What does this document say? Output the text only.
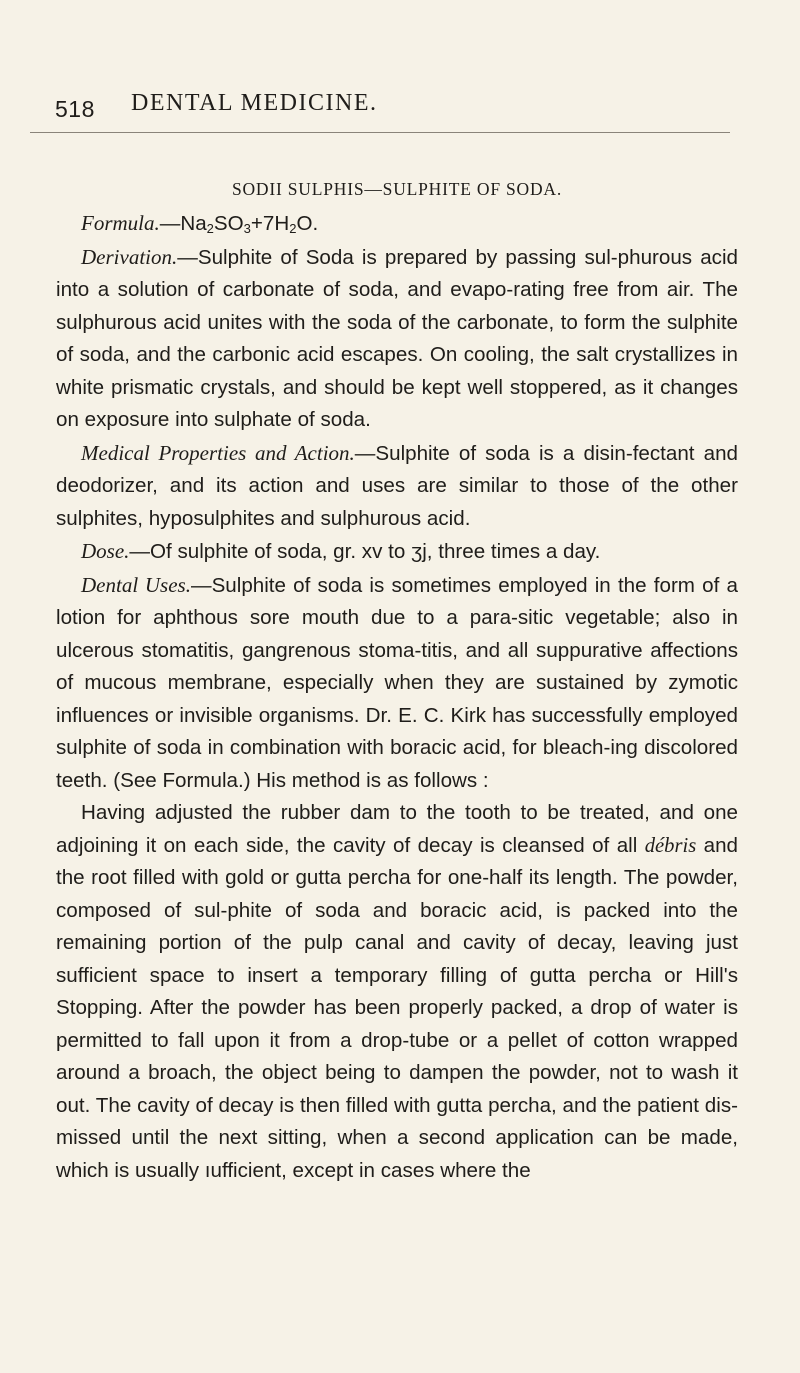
518 DENTAL MEDICINE.

SODII SULPHIS—SULPHITE OF SODA.

$Formula.—Na_2SO_3+7H_2O$.

Derivation.—Sulphite of Soda is prepared by passing sul-phurous acid into a solution of carbonate of soda, and evapo-rating free from air. The sulphurous acid unites with the soda of the carbonate, to form the sulphite of soda, and the carbonic acid escapes. On cooling, the salt crystallizes in white prismatic crystals, and should be kept well stoppered, as it changes on exposure into sulphate of soda.

Medical Properties and Action.—Sulphite of soda is a disin-fectant and deodorizer, and its action and uses are similar to those of the other sulphites, hyposulphites and sulphurous acid.

Dose.—Of sulphite of soda, gr. xv to ʒj, three times a day.

Dental Uses.—Sulphite of soda is sometimes employed in the form of a lotion for aphthous sore mouth due to a para-sitic vegetable; also in ulcerous stomatitis, gangrenous stoma-titis, and all suppurative affections of mucous membrane, especially when they are sustained by zymotic influences or invisible organisms. Dr. E. C. Kirk has successfully employed sulphite of soda in combination with boracic acid, for bleach-ing discolored teeth. (See Formula.) His method is as follows :

Having adjusted the rubber dam to the tooth to be treated, and one adjoining it on each side, the cavity of decay is cleansed of all débris and the root filled with gold or gutta percha for one-half its length. The powder, composed of sul-phite of soda and boracic acid, is packed into the remaining portion of the pulp canal and cavity of decay, leaving just sufficient space to insert a temporary filling of gutta percha or Hill's Stopping. After the powder has been properly packed, a drop of water is permitted to fall upon it from a drop-tube or a pellet of cotton wrapped around a broach, the object being to dampen the powder, not to wash it out. The cavity of decay is then filled with gutta percha, and the patient dis-missed until the next sitting, when a second application can be made, which is usually ıufficient, except in cases where the
